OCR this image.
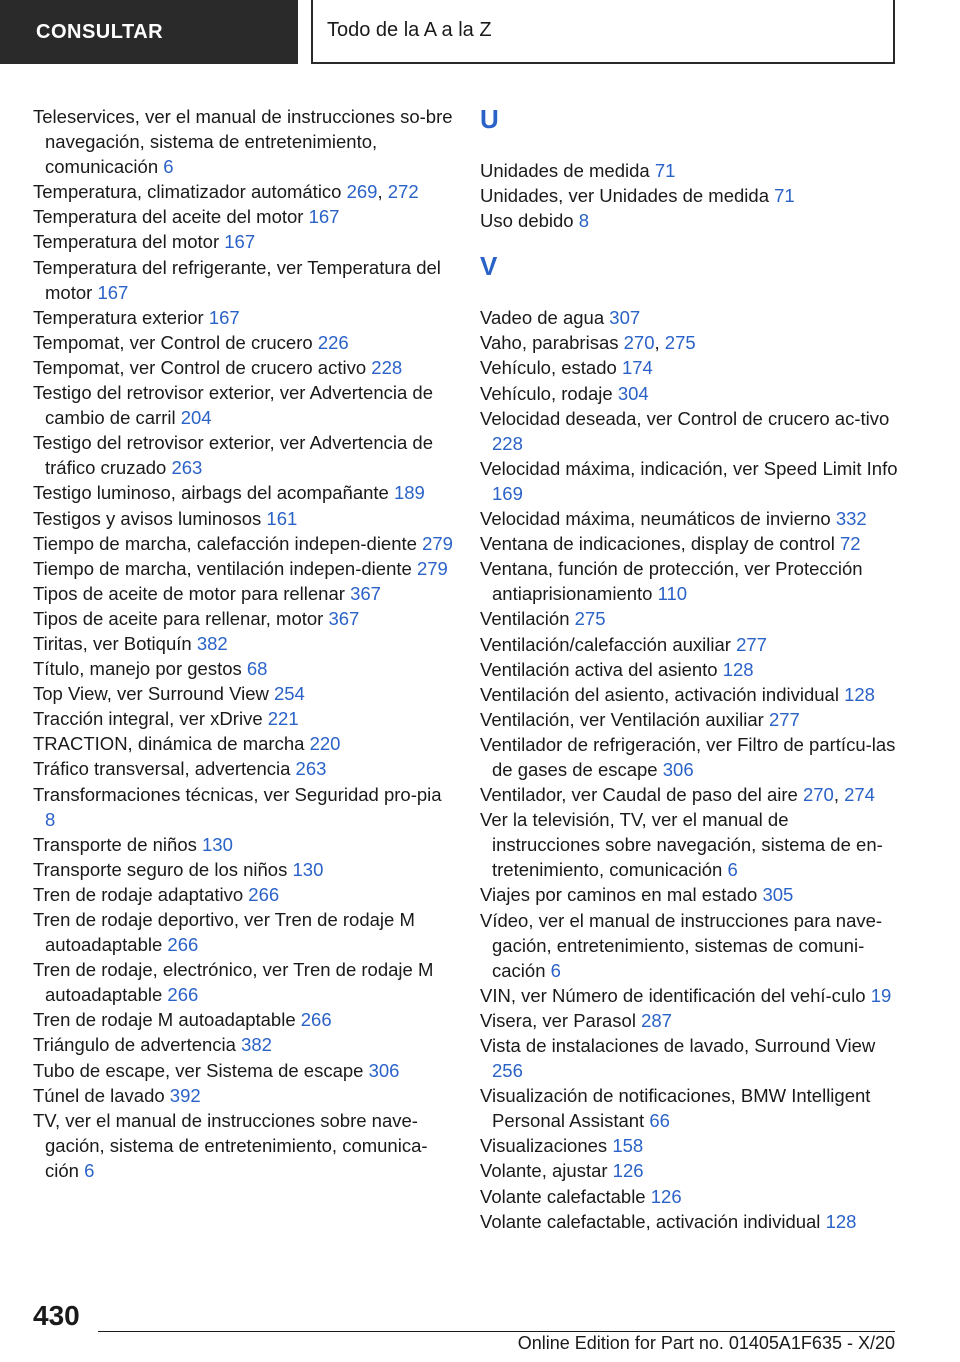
CONSULTAR	Todo de la A a la Z
Teleservices, ver el manual de instrucciones so‐bre navegación, sistema de entretenimiento, comunicación 6
Temperatura, climatizador automático 269, 272
Temperatura del aceite del motor 167
Temperatura del motor 167
Temperatura del refrigerante, ver Temperatura del motor 167
Temperatura exterior 167
Tempomat, ver Control de crucero 226
Tempomat, ver Control de crucero activo 228
Testigo del retrovisor exterior, ver Advertencia de cambio de carril 204
Testigo del retrovisor exterior, ver Advertencia de tráfico cruzado 263
Testigo luminoso, airbags del acompañante 189
Testigos y avisos luminosos 161
Tiempo de marcha, calefacción indepen‐diente 279
Tiempo de marcha, ventilación indepen‐diente 279
Tipos de aceite de motor para rellenar 367
Tipos de aceite para rellenar, motor 367
Tiritas, ver Botiquín 382
Título, manejo por gestos 68
Top View, ver Surround View 254
Tracción integral, ver xDrive 221
TRACTION, dinámica de marcha 220
Tráfico transversal, advertencia 263
Transformaciones técnicas, ver Seguridad pro‐pia 8
Transporte de niños 130
Transporte seguro de los niños 130
Tren de rodaje adaptativo 266
Tren de rodaje deportivo, ver Tren de rodaje M autoadaptable 266
Tren de rodaje, electrónico, ver Tren de rodaje M autoadaptable 266
Tren de rodaje M autoadaptable 266
Triángulo de advertencia 382
Tubo de escape, ver Sistema de escape 306
Túnel de lavado 392
TV, ver el manual de instrucciones sobre nave‐gación, sistema de entretenimiento, comunica‐ción 6
U
Unidades de medida 71
Unidades, ver Unidades de medida 71
Uso debido 8
V
Vadeo de agua 307
Vaho, parabrisas 270, 275
Vehículo, estado 174
Vehículo, rodaje 304
Velocidad deseada, ver Control de crucero ac‐tivo 228
Velocidad máxima, indicación, ver Speed Limit Info 169
Velocidad máxima, neumáticos de invierno 332
Ventana de indicaciones, display de control 72
Ventana, función de protección, ver Protección antiaprisionamiento 110
Ventilación 275
Ventilación/calefacción auxiliar 277
Ventilación activa del asiento 128
Ventilación del asiento, activación individual 128
Ventilación, ver Ventilación auxiliar 277
Ventilador de refrigeración, ver Filtro de partícu‐las de gases de escape 306
Ventilador, ver Caudal de paso del aire 270, 274
Ver la televisión, TV, ver el manual de instrucciones sobre navegación, sistema de en‐tretenimiento, comunicación 6
Viajes por caminos en mal estado 305
Vídeo, ver el manual de instrucciones para nave‐gación, entretenimiento, sistemas de comuni‐cación 6
VIN, ver Número de identificación del vehí‐culo 19
Visera, ver Parasol 287
Vista de instalaciones de lavado, Surround View 256
Visualización de notificaciones, BMW Intelligent Personal Assistant 66
Visualizaciones 158
Volante, ajustar 126
Volante calefactable 126
Volante calefactable, activación individual 128
430
Online Edition for Part no. 01405A1F635 - X/20
